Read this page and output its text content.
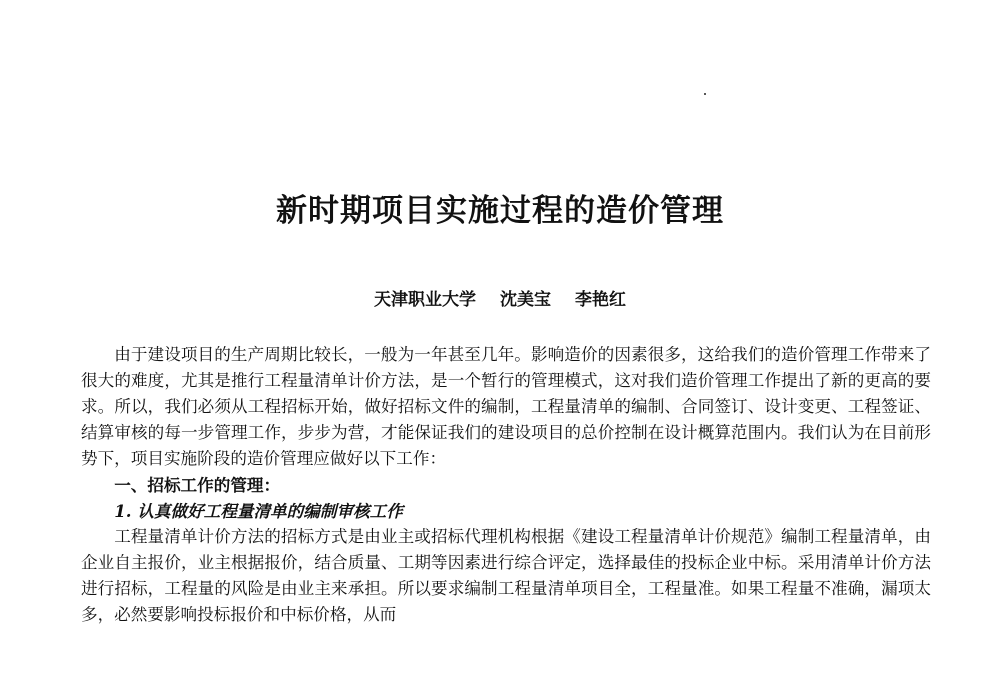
新时期项目实施过程的造价管理
天津职业大学 沈美宝 李艳红

由于建设项目的生产周期比较长，一般为一年甚至几年。影响造价的因素很多，这给我们的造价管理工作带来了很大的难度，尤其是推行工程量清单计价方法，是一个暂行的管理模式，这对我们造价管理工作提出了新的更高的要求。所以，我们必须从工程招标开始，做好招标文件的编制，工程量清单的编制、合同签订、设计变更、工程签证、结算审核的每一步管理工作，步步为营，才能保证我们的建设项目的总价控制在设计概算范围内。我们认为在目前形势下，项目实施阶段的造价管理应做好以下工作：

一、招标工作的管理：

1. 认真做好工程量清单的编制审核工作

工程量清单计价方法的招标方式是由业主或招标代理机构根据《建设工程量清单计价规范》编制工程量清单，由企业自主报价，业主根据报价，结合质量、工期等因素进行综合评定，选择最佳的投标企业中标。采用清单计价方法进行招标，工程量的风险是由业主来承担。所以要求编制工程量清单项目全，工程量准。如果工程量不准确，漏项太多，必然要影响投标报价和中标价格，从而
